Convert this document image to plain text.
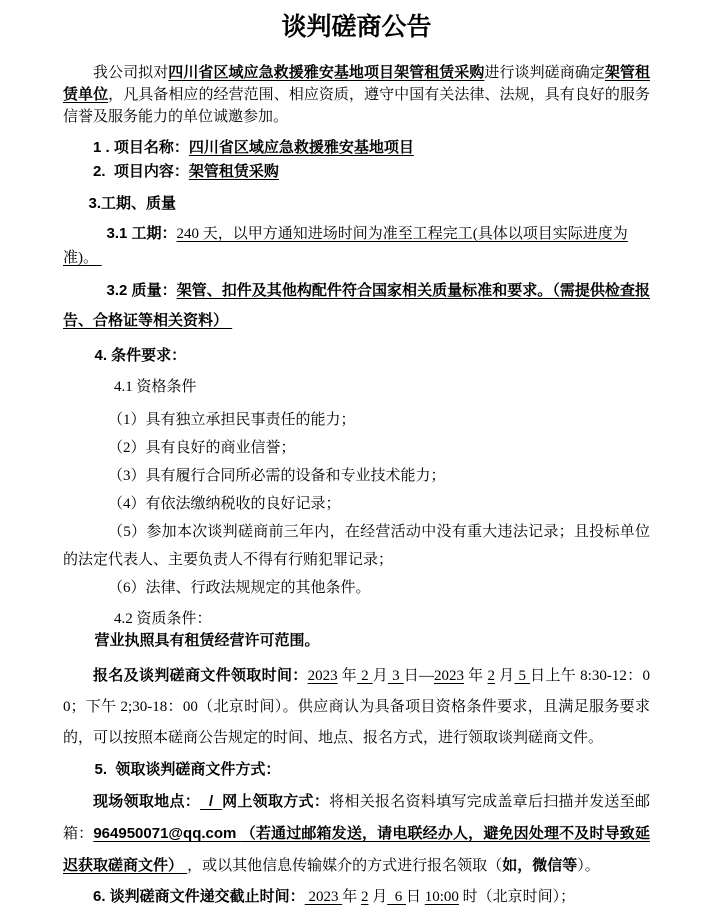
谈判磋商公告

我公司拟对四川省区域应急救援雅安基地项目架管租赁采购进行谈判磋商确定架管租赁单位，凡具备相应的经营范围、相应资质，遵守中国有关法律、法规，具有良好的服务信誉及服务能力的单位诚邀参加。

1 . 项目名称：四川省区域应急救援雅安基地项目

2.  项目内容：架管租赁采购

3.工期、质量

3.1 工期：240 天，以甲方通知进场时间为准至工程完工(具体以项目实际进度为准)。

3.2 质量：架管、扣件及其他构配件符合国家相关质量标准和要求。（需提供检查报告、合格证等相关资料）

4. 条件要求：

4.1 资格条件

（1）具有独立承担民事责任的能力；

（2）具有良好的商业信誉；

（3）具有履行合同所必需的设备和专业技术能力；

（4）有依法缴纳税收的良好记录；

（5）参加本次谈判磋商前三年内，在经营活动中没有重大违法记录；且投标单位的法定代表人、主要负责人不得有行贿犯罪记录；

（6）法律、行政法规规定的其他条件。

4.2 资质条件：

营业执照具有租赁经营许可范围。

报名及谈判磋商文件领取时间：2023 年 2 月 3 日—2023 年 2 月 5 日上午 8:30-12：00；下午 2;30-18：00（北京时间）。供应商认为具备项目资格条件要求，且满足服务要求的，可以按照本磋商公告规定的时间、地点、报名方式，进行领取谈判磋商文件。

5.  领取谈判磋商文件方式：

现场领取地点：  /  网上领取方式：将相关报名资料填写完成盖章后扫描并发送至邮箱：964950071@qq.com （若通过邮箱发送，请电联经办人，避免因处理不及时导致延迟获取磋商文件） ，或以其他信息传输媒介的方式进行报名领取（如，微信等）。

6. 谈判磋商文件递交截止时间： 2023 年 2 月  6 日 10:00 时（北京时间）；
